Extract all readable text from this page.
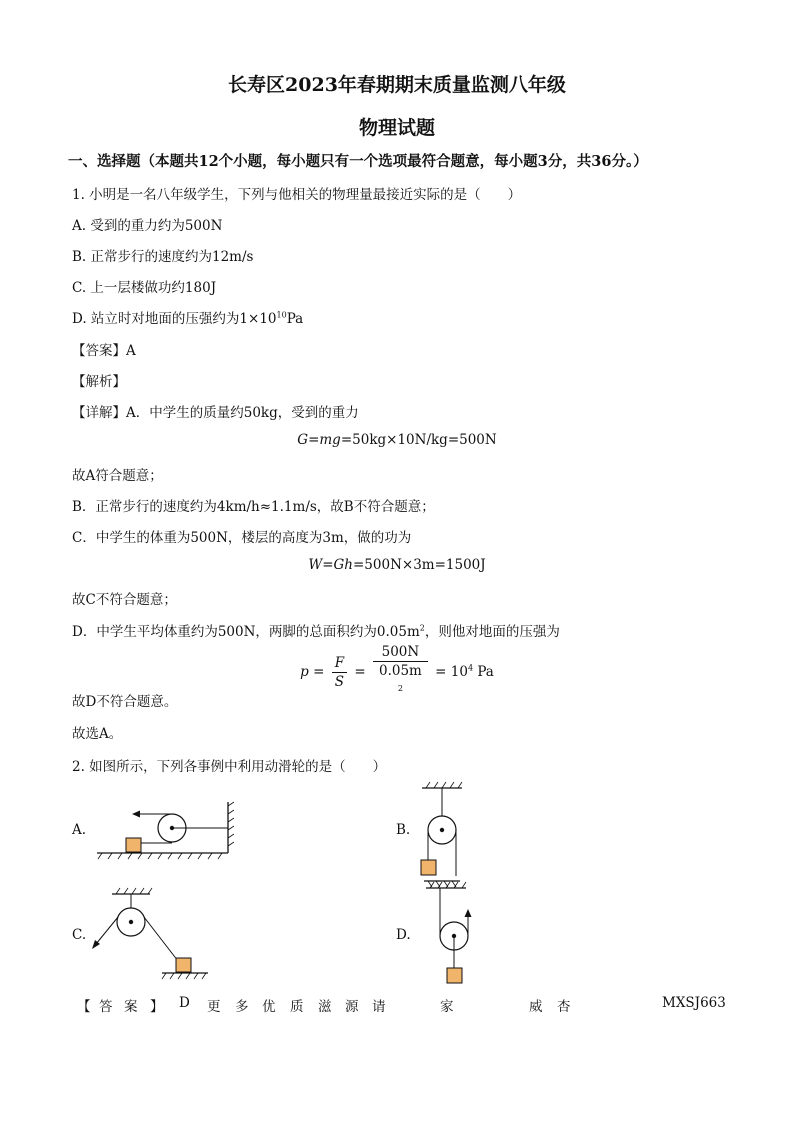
长寿区2023年春期期末质量监测八年级
物理试题
一、选择题（本题共12个小题，每小题只有一个选项最符合题意，每小题3分，共36分。）
1. 小明是一名八年级学生，下列与他相关的物理量最接近实际的是（　　）
A. 受到的重力约为500N
B. 正常步行的速度约为12m/s
C. 上一层楼做功约180J
D. 站立时对地面的压强约为$1\times 10^{10}Pa$
【答案】A
【解析】
【详解】A．中学生的质量约50kg，受到的重力
G=mg=50kg×10N/kg=500N
故A符合题意；
B．正常步行的速度约为4km/h≈1.1m/s，故B不符合题意；
C．中学生的体重为500N，楼层的高度为3m，做的功为
W=Gh=500N×3m=1500J
故C不符合题意；
D．中学生平均体重约为500N，两脚的总面积约为$0.05m^2$，则他对地面的压强为
$p = \frac{F}{S} = 500N$
0.05m
$^2 = 10^4$ Pa
故D不符合题意。
故选A。
2. 如图所示，下列各事例中利用动滑轮的是（　　）
A.	B.
C.	D.
【 答 案 】 D 更 多 优 质 滋 源 请	家	威 杏	MXSJ663
